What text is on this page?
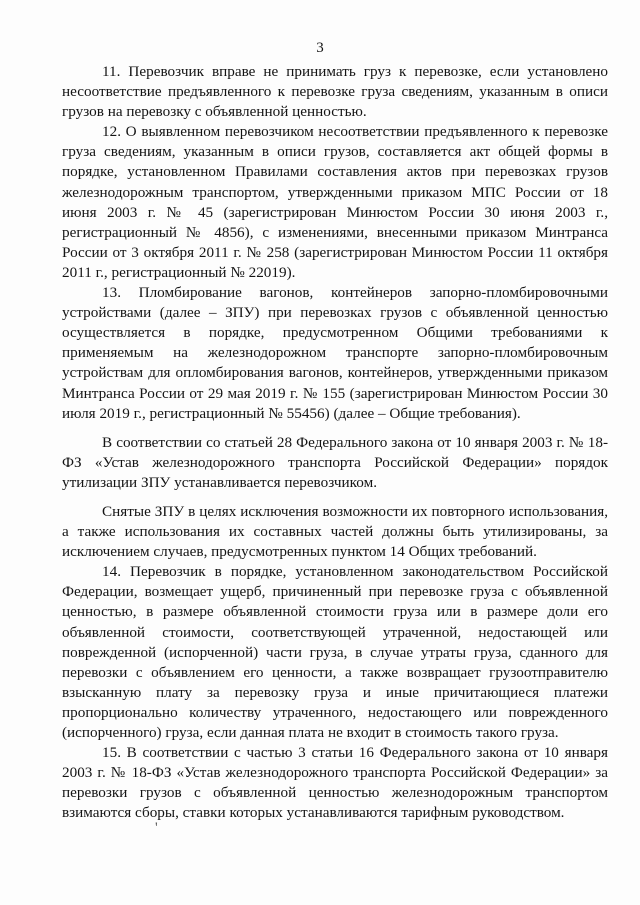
3

11. Перевозчик вправе не принимать груз к перевозке, если установлено несоответствие предъявленного к перевозке груза сведениям, указанным в описи грузов на перевозку с объявленной ценностью.

12. О выявленном перевозчиком несоответствии предъявленного к перевозке груза сведениям, указанным в описи грузов, составляется акт общей формы в порядке, установленном Правилами составления актов при перевозках грузов железнодорожным транспортом, утвержденными приказом МПС России от 18 июня 2003 г. № 45 (зарегистрирован Минюстом России 30 июня 2003 г., регистрационный № 4856), с изменениями, внесенными приказом Минтранса России от 3 октября 2011 г. № 258 (зарегистрирован Минюстом России 11 октября 2011 г., регистрационный № 22019).

13. Пломбирование вагонов, контейнеров запорно-пломбировочными устройствами (далее – ЗПУ) при перевозках грузов с объявленной ценностью осуществляется в порядке, предусмотренном Общими требованиями к применяемым на железнодорожном транспорте запорно-пломбировочным устройствам для опломбирования вагонов, контейнеров, утвержденными приказом Минтранса России от 29 мая 2019 г. № 155 (зарегистрирован Минюстом России 30 июля 2019 г., регистрационный № 55456) (далее – Общие требования).

В соответствии со статьей 28 Федерального закона от 10 января 2003 г. № 18-ФЗ «Устав железнодорожного транспорта Российской Федерации» порядок утилизации ЗПУ устанавливается перевозчиком.

Снятые ЗПУ в целях исключения возможности их повторного использования, а также использования их составных частей должны быть утилизированы, за исключением случаев, предусмотренных пунктом 14 Общих требований.

14. Перевозчик в порядке, установленном законодательством Российской Федерации, возмещает ущерб, причиненный при перевозке груза с объявленной ценностью, в размере объявленной стоимости груза или в размере доли его объявленной стоимости, соответствующей утраченной, недостающей или поврежденной (испорченной) части груза, в случае утраты груза, сданного для перевозки с объявлением его ценности, а также возвращает грузоотправителю взысканную плату за перевозку груза и иные причитающиеся платежи пропорционально количеству утраченного, недостающего или поврежденного (испорченного) груза, если данная плата не входит в стоимость такого груза.

15. В соответствии с частью 3 статьи 16 Федерального закона от 10 января 2003 г. № 18-ФЗ «Устав железнодорожного транспорта Российской Федерации» за перевозки грузов с объявленной ценностью железнодорожным транспортом взимаются сборы, ставки которых устанавливаются тарифным руководством.

'
